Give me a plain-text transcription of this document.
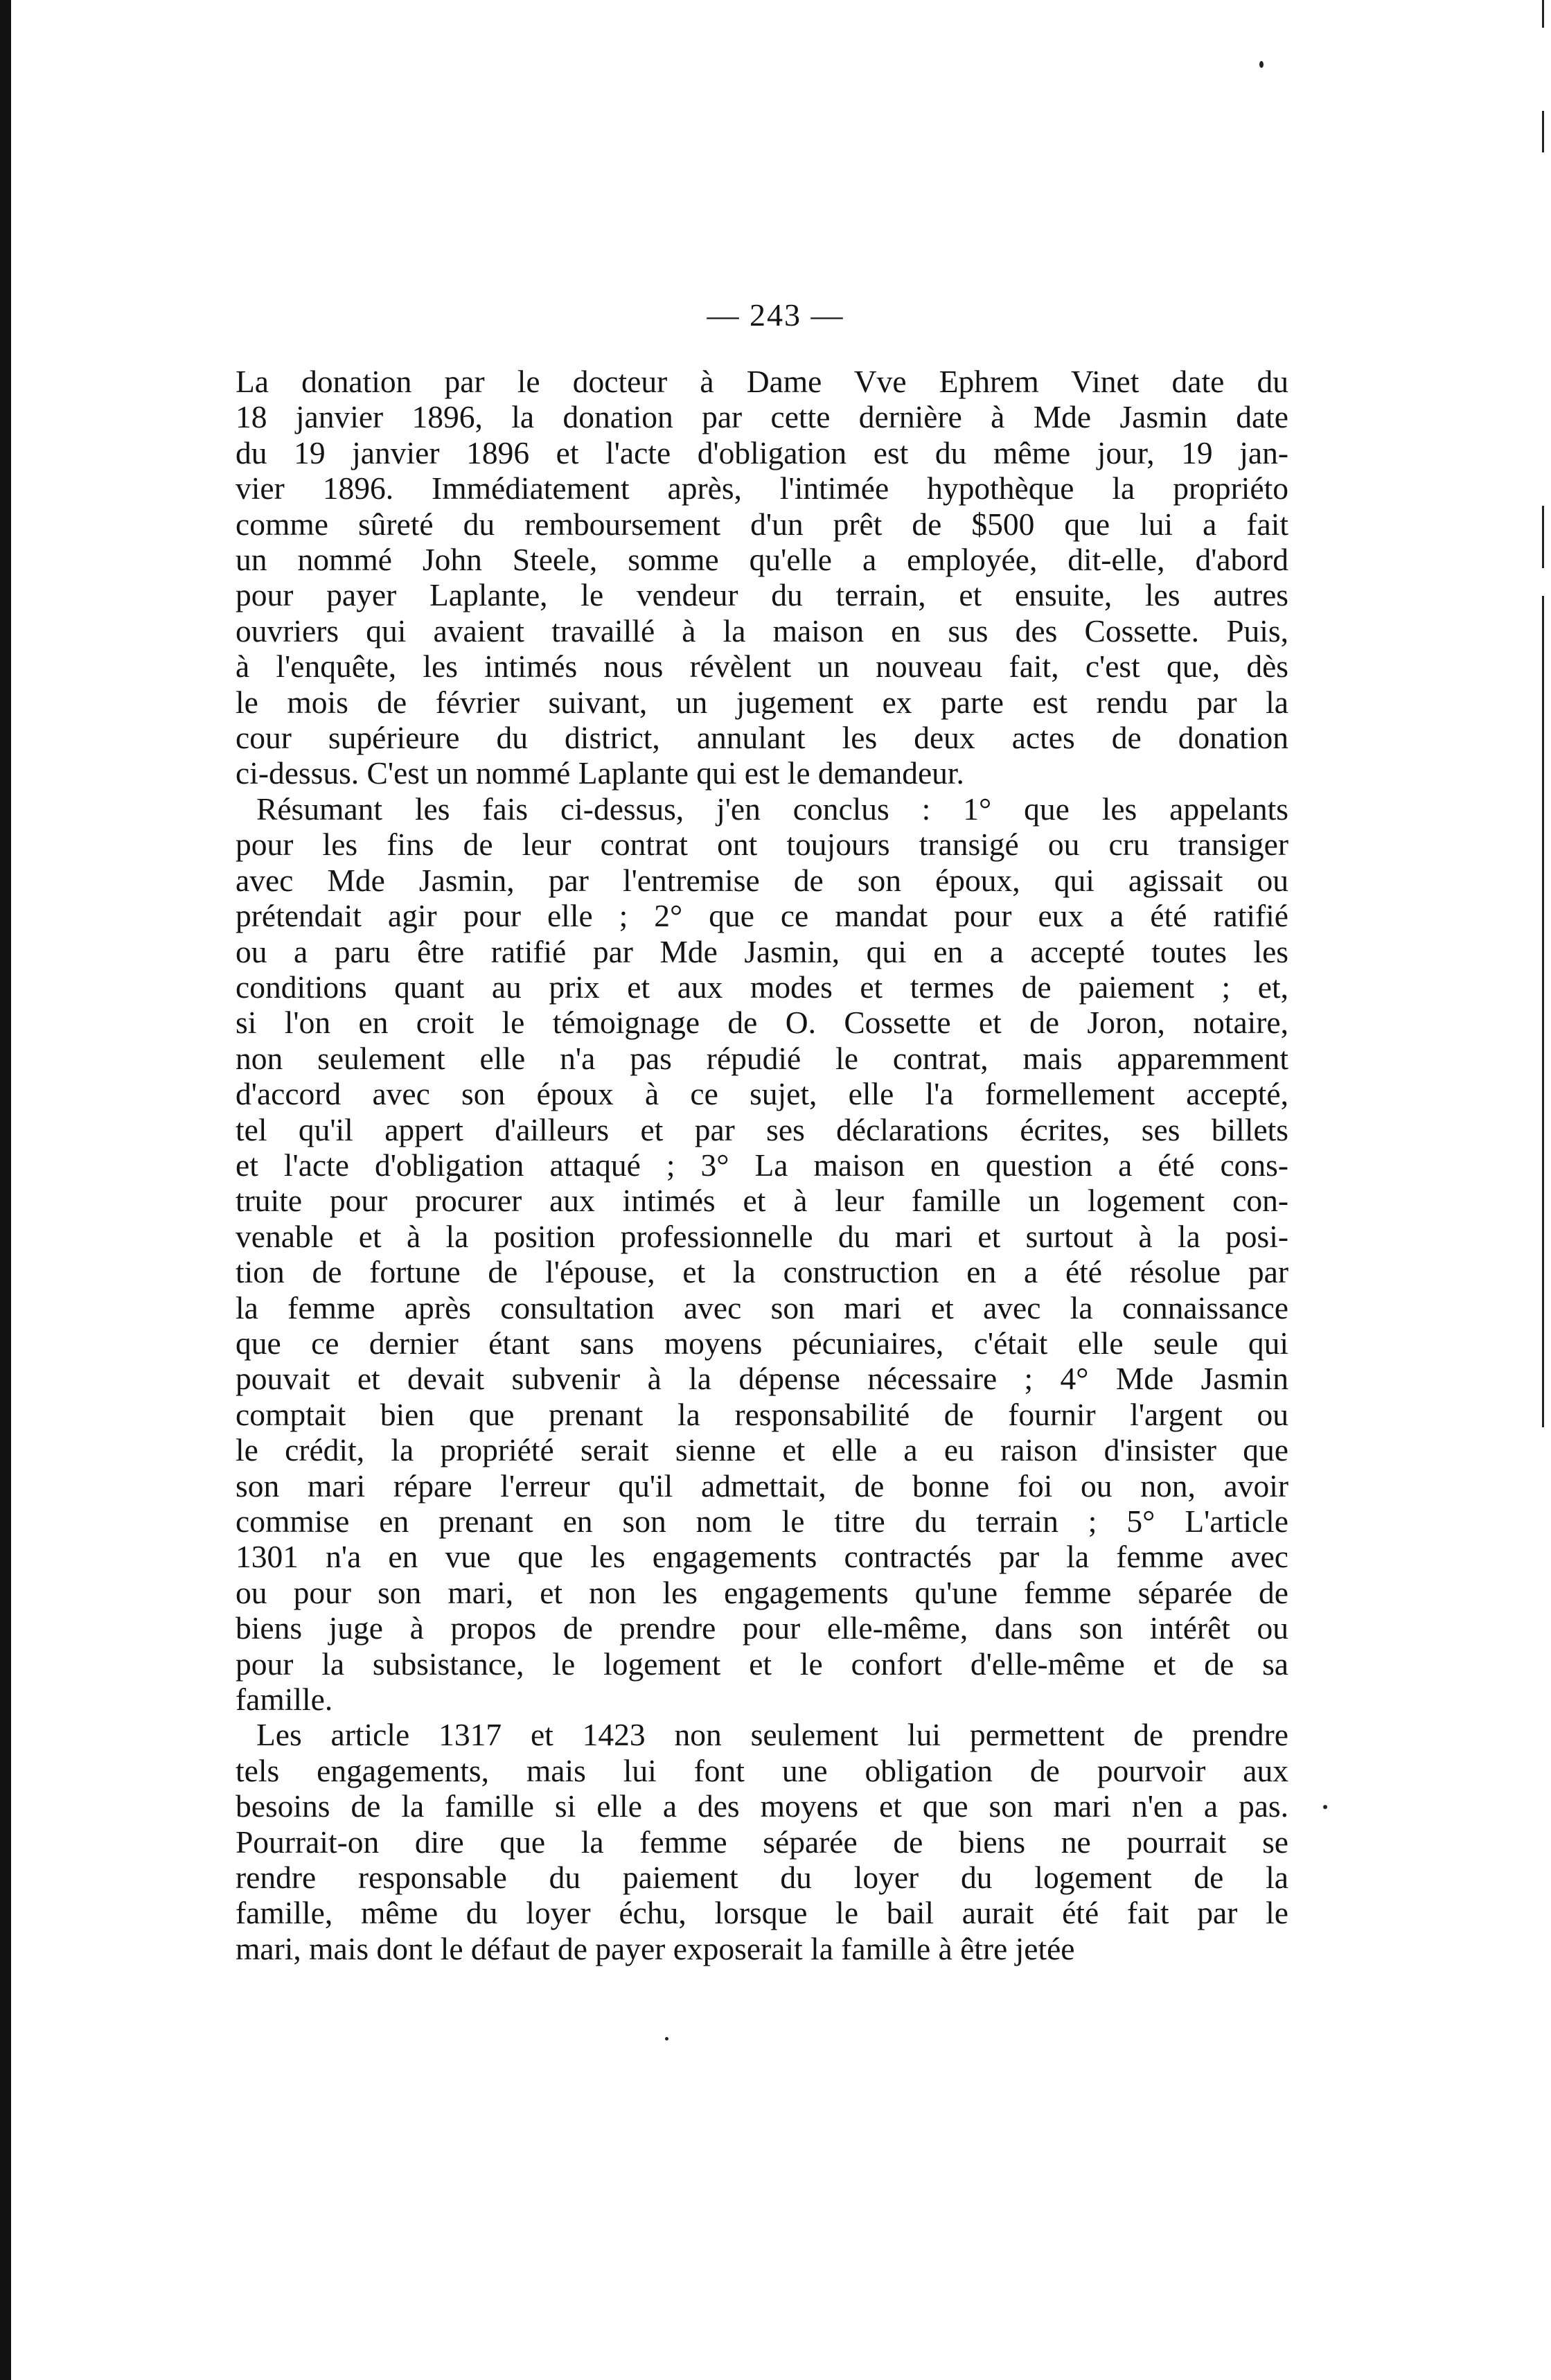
— 243 —

La donation par le docteur à Dame Vve Ephrem Vinet date du
18 janvier 1896, la donation par cette dernière à Mde Jasmin date
du 19 janvier 1896 et l'acte d'obligation est du même jour, 19 jan-
vier 1896. Immédiatement après, l'intimée hypothèque la propriéto
comme sûreté du remboursement d'un prêt de $500 que lui a fait
un nommé John Steele, somme qu'elle a employée, dit-elle, d'abord
pour payer Laplante, le vendeur du terrain, et ensuite, les autres
ouvriers qui avaient travaillé à la maison en sus des Cossette. Puis,
à l'enquête, les intimés nous révèlent un nouveau fait, c'est que, dès
le mois de février suivant, un jugement ex parte est rendu par la
cour supérieure du district, annulant les deux actes de donation
ci-dessus. C'est un nommé Laplante qui est le demandeur.

Résumant les fais ci-dessus, j'en conclus : 1° que les appelants
pour les fins de leur contrat ont toujours transigé ou cru transiger
avec Mde Jasmin, par l'entremise de son époux, qui agissait ou
prétendait agir pour elle ; 2° que ce mandat pour eux a été ratifié
ou a paru être ratifié par Mde Jasmin, qui en a accepté toutes les
conditions quant au prix et aux modes et termes de paiement ; et,
si l'on en croit le témoignage de O. Cossette et de Joron, notaire,
non seulement elle n'a pas répudié le contrat, mais apparemment
d'accord avec son époux à ce sujet, elle l'a formellement accepté,
tel qu'il appert d'ailleurs et par ses déclarations écrites, ses billets
et l'acte d'obligation attaqué ; 3° La maison en question a été cons-
truite pour procurer aux intimés et à leur famille un logement con-
venable et à la position professionnelle du mari et surtout à la posi-
tion de fortune de l'épouse, et la construction en a été résolue par
la femme après consultation avec son mari et avec la connaissance
que ce dernier étant sans moyens pécuniaires, c'était elle seule qui
pouvait et devait subvenir à la dépense nécessaire ; 4° Mde Jasmin
comptait bien que prenant la responsabilité de fournir l'argent ou
le crédit, la propriété serait sienne et elle a eu raison d'insister que
son mari répare l'erreur qu'il admettait, de bonne foi ou non, avoir
commise en prenant en son nom le titre du terrain ; 5° L'article
1301 n'a en vue que les engagements contractés par la femme avec
ou pour son mari, et non les engagements qu'une femme séparée de
biens juge à propos de prendre pour elle-même, dans son intérêt ou
pour la subsistance, le logement et le confort d'elle-même et de sa
famille.

Les article 1317 et 1423 non seulement lui permettent de prendre
tels engagements, mais lui font une obligation de pourvoir aux
besoins de la famille si elle a des moyens et que son mari n'en a pas.
Pourrait-on dire que la femme séparée de biens ne pourrait se
rendre responsable du paiement du loyer du logement de la
famille, même du loyer échu, lorsque le bail aurait été fait par le
mari, mais dont le défaut de payer exposerait la famille à être jetée
